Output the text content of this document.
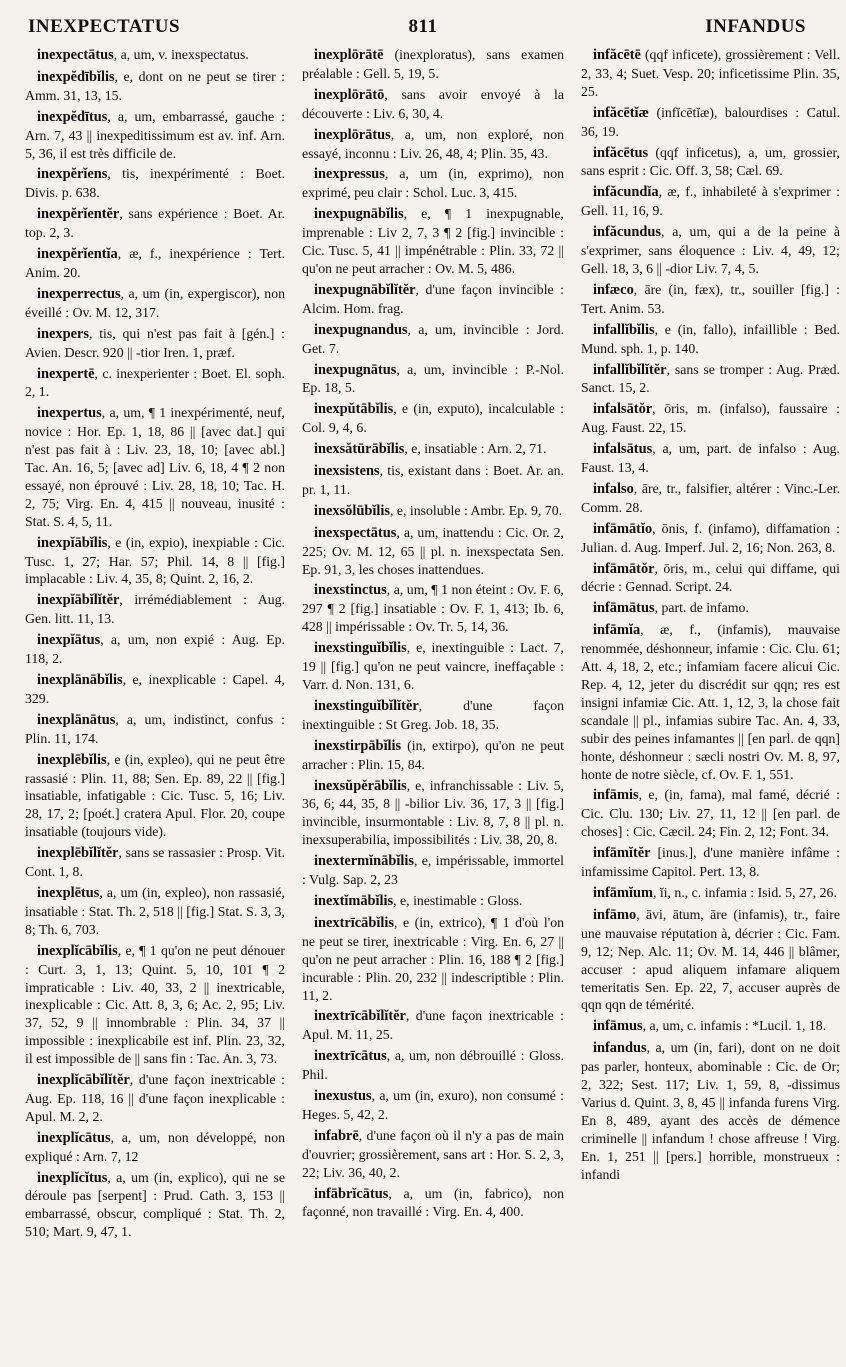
INEXPECTATUS	811	INFANDUS

inexpectātus, a, um, v. inexspectatus.

inexpĕdībĭlis, e, dont on ne peut se tirer : Amm. 31, 13, 15.

inexpĕdītus, a, um, embarrassé, gauche : Arn. 7, 43 || inexpeditissimum est av. inf. Arn. 5, 36, il est très difficile de.

inexpĕrĭens, tis, inexpérimenté : Boet. Divis. p. 638.

inexpĕrĭentĕr, sans expérience : Boet. Ar. top. 2, 3.

inexpĕrĭentĭa, æ, f., inexpérience : Tert. Anim. 20.

inexperrectus, a, um (in, expergiscor), non éveillé : Ov. M. 12, 317.

inexpers, tis, qui n'est pas fait à [gén.] : Avien. Descr. 920 || -tior Iren. 1, præf.

inexpertē, c. inexperienter : Boet. El. soph. 2, 1.

inexpertus, a, um, ¶ 1 inexpérimenté, neuf, novice : Hor. Ep. 1, 18, 86 || [avec dat.] qui n'est pas fait à : Liv. 23, 18, 10; [avec abl.] Tac. An. 16, 5; [avec ad] Liv. 6, 18, 4 ¶ 2 non essayé, non éprouvé : Liv. 28, 18, 10; Tac. H. 2, 75; Virg. En. 4, 415 || nouveau, inusité : Stat. S. 4, 5, 11.

inexpĭābĭlis, e (in, expio), inexpiable : Cic. Tusc. 1, 27; Har. 57; Phil. 14, 8 || [fig.] implacable : Liv. 4, 35, 8; Quint. 2, 16, 2.

inexpĭābĭlĭtĕr, irrémédiablement : Aug. Gen. litt. 11, 13.

inexpĭātus, a, um, non expié : Aug. Ep. 118, 2.

inexplānābĭlis, e, inexplicable : Capel. 4, 329.

inexplānātus, a, um, indistinct, confus : Plin. 11, 174.

inexplēbĭlis, e (in, expleo), qui ne peut être rassasié : Plin. 11, 88; Sen. Ep. 89, 22 || [fig.] insatiable, infatigable : Cic. Tusc. 5, 16; Liv. 28, 17, 2; [poét.] cratera Apul. Flor. 20, coupe insatiable (toujours vide).

inexplēbĭlĭtĕr, sans se rassasier : Prosp. Vit. Cont. 1, 8.

inexplētus, a, um (in, expleo), non rassasié, insatiable : Stat. Th. 2, 518 || [fig.] Stat. S. 3, 3, 8; Th. 6, 703.

inexplĭcābĭlis, e, ¶ 1 qu'on ne peut dénouer : Curt. 3, 1, 13; Quint. 5, 10, 101 ¶ 2 impraticable : Liv. 40, 33, 2 || inextricable, inexplicable : Cic. Att. 8, 3, 6; Ac. 2, 95; Liv. 37, 52, 9 || innombrable : Plin. 34, 37 || impossible : inexplicabile est inf. Plin. 23, 32, il est impossible de || sans fin : Tac. An. 3, 73.

inexplĭcābĭlĭtĕr, d'une façon inextricable : Aug. Ep. 118, 16 || d'une façon inexplicable : Apul. M. 2, 2.

inexplĭcātus, a, um, non développé, non expliqué : Arn. 7, 12

inexplĭcĭtus, a, um (in, explico), qui ne se déroule pas [serpent] : Prud. Cath. 3, 153 || embarrassé, obscur, compliqué : Stat. Th. 2, 510; Mart. 9, 47, 1.

inexplōrātē (inexploratus), sans examen préalable : Gell. 5, 19, 5.

inexplōrātō, sans avoir envoyé à la découverte : Liv. 6, 30, 4.

inexplōrātus, a, um, non exploré, non essayé, inconnu : Liv. 26, 48, 4; Plin. 35, 43.

inexpressus, a, um (in, exprimo), non exprimé, peu clair : Schol. Luc. 3, 415.

inexpugnābĭlis, e, ¶ 1 inexpugnable, imprenable : Liv 2, 7, 3 ¶ 2 [fig.] invincible : Cic. Tusc. 5, 41 || impénétrable : Plin. 33, 72 || qu'on ne peut arracher : Ov. M. 5, 486.

inexpugnābĭlĭtĕr, d'une façon invincible : Alcim. Hom. frag.

inexpugnandus, a, um, invincible : Jord. Get. 7.

inexpugnātus, a, um, invincible : P.-Nol. Ep. 18, 5.

inexpŭtābĭlis, e (in, exputo), incalculable : Col. 9, 4, 6.

inexsătūrābĭlis, e, insatiable : Arn. 2, 71.

inexsistens, tis, existant dans : Boet. Ar. an. pr. 1, 11.

inexsŏlūbĭlis, e, insoluble : Ambr. Ep. 9, 70.

inexspectātus, a, um, inattendu : Cic. Or. 2, 225; Ov. M. 12, 65 || pl. n. inexspectata Sen. Ep. 91, 3, les choses inattendues.

inexstinctus, a, um, ¶ 1 non éteint : Ov. F. 6, 297 ¶ 2 [fig.] insatiable : Ov. F. 1, 413; Ib. 6, 428 || impérissable : Ov. Tr. 5, 14, 36.

inexstinguĭbĭlis, e, inextinguible : Lact. 7, 19 || [fig.] qu'on ne peut vaincre, ineffaçable : Varr. d. Non. 131, 6.

inexstinguĭbĭlĭtĕr, d'une façon inextinguible : St Greg. Job. 18, 35.

inexstirpābĭlis (in, extirpo), qu'on ne peut arracher : Plin. 15, 84.

inexsŭpĕrābĭlis, e, infranchissable : Liv. 5, 36, 6; 44, 35, 8 || -bilior Liv. 36, 17, 3 || [fig.] invincible, insurmontable : Liv. 8, 7, 8 || pl. n. inexsuperabilia, impossibilités : Liv. 38, 20, 8.

inextermĭnābĭlis, e, impérissable, immortel : Vulg. Sap. 2, 23

inextĭmābĭlis, e, inestimable : Gloss.

inextrīcābĭlis, e (in, extrico), ¶ 1 d'où l'on ne peut se tirer, inextricable : Virg. En. 6, 27 || qu'on ne peut arracher : Plin. 16, 188 ¶ 2 [fig.] incurable : Plin. 20, 232 || indescriptible : Plin. 11, 2.

inextrīcābĭlĭtĕr, d'une façon inextricable : Apul. M. 11, 25.

inextrīcātus, a, um, non débrouillé : Gloss. Phil.

inexustus, a, um (in, exuro), non consumé : Heges. 5, 42, 2.

infabrē, d'une façon où il n'y a pas de main d'ouvrier; grossièrement, sans art : Hor. S. 2, 3, 22; Liv. 36, 40, 2.

infābrĭcātus, a, um (in, fabrico), non façonné, non travaillé : Virg. En. 4, 400.

infăcētē (qqf inficete), grossièrement : Vell. 2, 33, 4; Suet. Vesp. 20; inficetissime Plin. 35, 25.

infăcētĭæ (infĭcētĭæ), balourdises : Catul. 36, 19.

infăcētus (qqf inficetus), a, um, grossier, sans esprit : Cic. Off. 3, 58; Cæl. 69.

infăcundĭa, æ, f., inhabileté à s'exprimer : Gell. 11, 16, 9.

infăcundus, a, um, qui a de la peine à s'exprimer, sans éloquence : Liv. 4, 49, 12; Gell. 18, 3, 6 || -dior Liv. 7, 4, 5.

infæco, āre (in, fæx), tr., souiller [fig.] : Tert. Anim. 53.

infallĭbĭlis, e (in, fallo), infaillible : Bed. Mund. sph. 1, p. 140.

infallĭbĭlĭtĕr, sans se tromper : Aug. Præd. Sanct. 15, 2.

infalsātŏr, ōris, m. (infalso), faussaire : Aug. Faust. 22, 15.

infalsātus, a, um, part. de infalso : Aug. Faust. 13, 4.

infalso, āre, tr., falsifier, altérer : Vinc.-Ler. Comm. 28.

infāmātĭo, ōnis, f. (infamo), diffamation : Julian. d. Aug. Imperf. Jul. 2, 16; Non. 263, 8.

infāmātŏr, ōris, m., celui qui diffame, qui décrie : Gennad. Script. 24.

infāmātus, part. de infamo.

infāmĭa, æ, f., (infamis), mauvaise renommée, déshonneur, infamie : Cic. Clu. 61; Att. 4, 18, 2, etc.; infamiam facere alicui Cic. Rep. 4, 12, jeter du discrédit sur qqn; res est insigni infamiæ Cic. Att. 1, 12, 3, la chose fait scandale || pl., infamias subire Tac. An. 4, 33, subir des peines infamantes || [en parl. de qqn] honte, déshonneur : sæcli nostri Ov. M. 8, 97, honte de notre siècle, cf. Ov. F. 1, 551.

infāmis, e, (in, fama), mal famé, décrié : Cic. Clu. 130; Liv. 27, 11, 12 || [en parl. de choses] : Cic. Cæcil. 24; Fin. 2, 12; Font. 34.

infāmĭtĕr [inus.], d'une manière infâme : infamissime Capitol. Pert. 13, 8.

infāmĭum, ĭi, n., c. infamia : Isid. 5, 27, 26.

infāmo, āvi, ātum, āre (infamis), tr., faire une mauvaise réputation à, décrier : Cic. Fam. 9, 12; Nep. Alc. 11; Ov. M. 14, 446 || blâmer, accuser : apud aliquem infamare aliquem temeritatis Sen. Ep. 22, 7, accuser auprès de qqn qqn de témérité.

infāmus, a, um, c. infamis : *Lucil. 1, 18.

infandus, a, um (in, fari), dont on ne doit pas parler, honteux, abominable : Cic. de Or; 2, 322; Sest. 117; Liv. 1, 59, 8, -dissimus Varius d. Quint. 3, 8, 45 || infanda furens Virg. En 8, 489, ayant des accès de démence criminelle || infandum ! chose affreuse ! Virg. En. 1, 251 || [pers.] horrible, monstrueux : infandi
